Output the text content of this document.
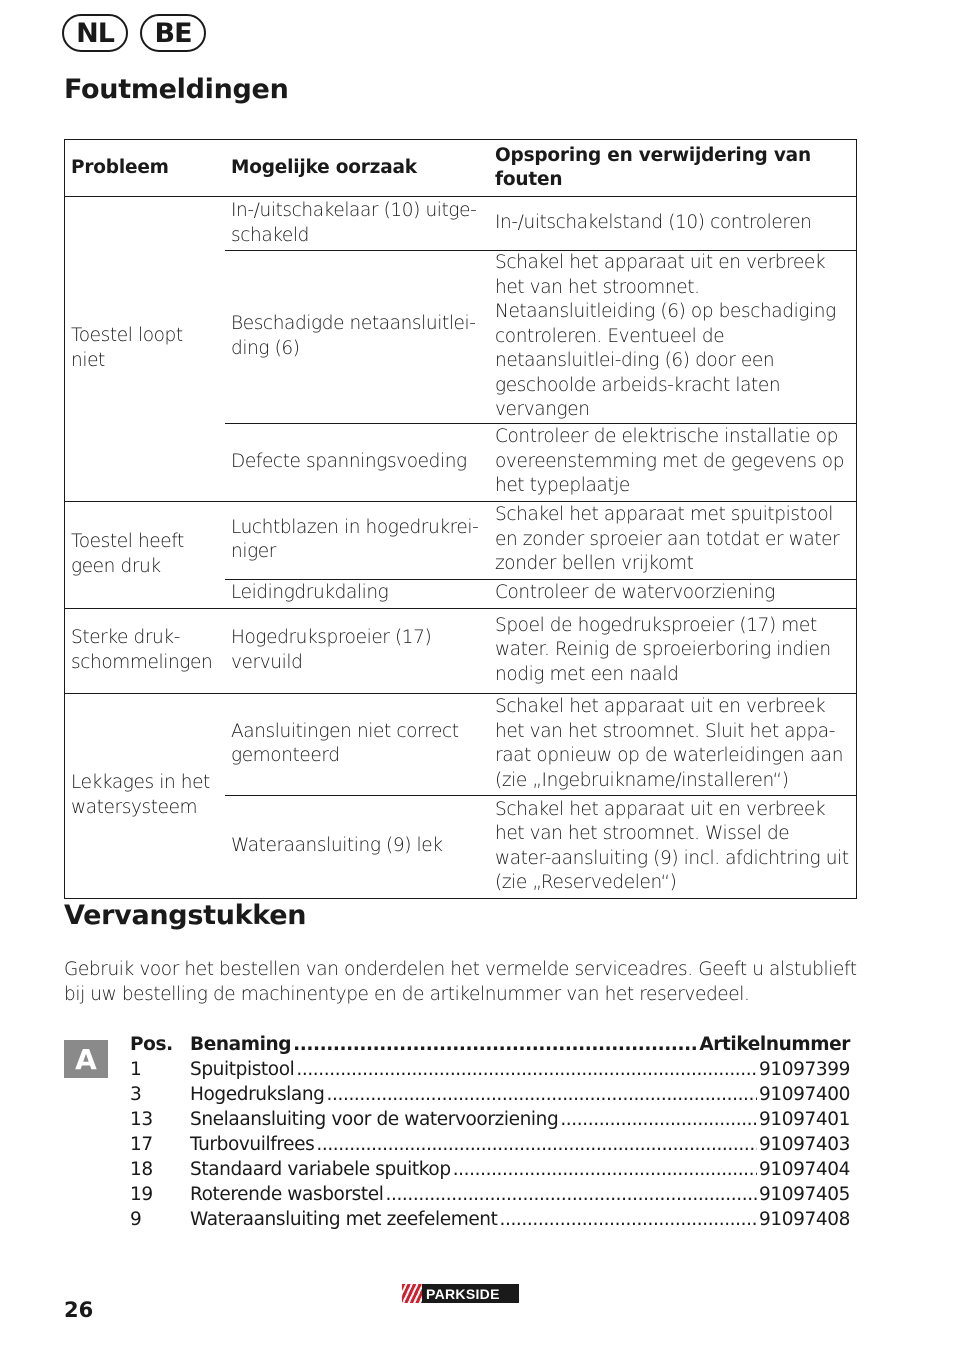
NL	BE
Foutmeldingen
Probleem	Mogelijke oorzaak	Opsporing en verwijdering van fouten
Toestel loopt niet	In-/uitschakelaar (10) uitge-schakeld	In-/uitschakelstand (10) controleren
	Beschadigde netaansluitlei-ding (6)	Schakel het apparaat uit en verbreek het van het stroomnet. Netaansluitleiding (6) op beschadiging controleren. Eventueel de netaansluitlei-ding (6) door een geschoolde arbeids-kracht laten vervangen
	Defecte spanningsvoeding	Controleer de elektrische installatie op overeenstemming met de gegevens op het typeplaatje
Toestel heeft geen druk	Luchtblazen in hogedrukrei-niger	Schakel het apparaat met spuitpistool en zonder sproeier aan totdat er water zonder bellen vrijkomt
	Leidingdrukdaling	Controleer de watervoorziening
Sterke druk-schommelingen	Hogedruksproeier (17) vervuild	Spoel de hogedruksproeier (17) met water. Reinig de sproeierboring indien nodig met een naald
Lekkages in het watersysteem	Aansluitingen niet correct gemonteerd	Schakel het apparaat uit en verbreek het van het stroomnet. Sluit het appa-raat opnieuw op de waterleidingen aan (zie „Ingebruikname/installeren“)
	Wateraansluiting (9) lek	Schakel het apparaat uit en verbreek het van het stroomnet. Wissel de water-aansluiting (9) incl. afdichtring uit (zie „Reservedelen“)
Vervangstukken
Gebruik voor het bestellen van onderdelen het vermelde serviceadres. Geeft u alstublieft bij uw bestelling de machinentype en de artikelnummer van het reservedeel.
A	Pos. Benaming .....	Artikelnummer
1	Spuitpistool .....	91097399
3	Hogedrukslang .....	91097400
13	Snelaansluiting voor de watervoorziening .....	91097401
17	Turbovuilfrees .....	91097403
18	Standaard variabele spuitkop .....	91097404
19	Roterende wasborstel .....	91097405
9	Wateraansluiting met zeefelement .....	91097408
26
PARKSIDE
